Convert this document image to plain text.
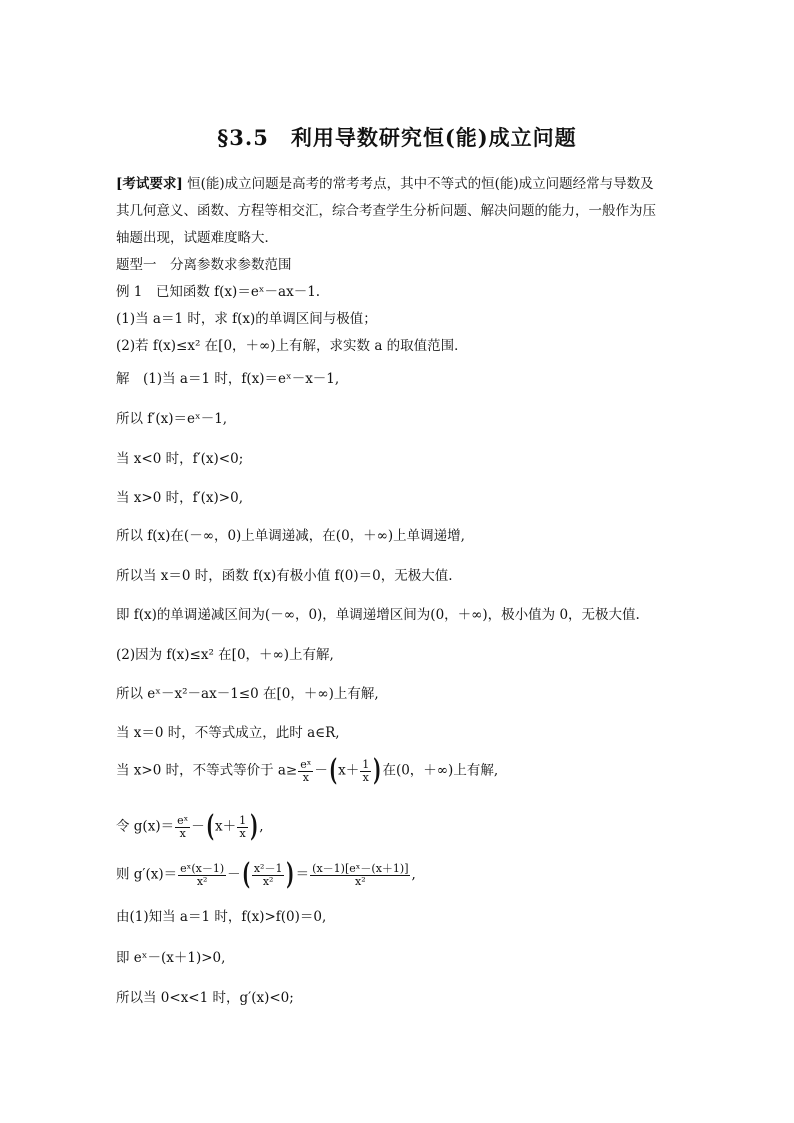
§3.5　利用导数研究恒(能)成立问题
[考试要求] 恒(能)成立问题是高考的常考考点，其中不等式的恒(能)成立问题经常与导数及
其几何意义、函数、方程等相交汇，综合考查学生分析问题、解决问题的能力，一般作为压
轴题出现，试题难度略大．
题型一　分离参数求参数范围
例 1　已知函数 f(x)＝eˣ－ax－1.
(1)当 a＝1 时，求 f(x)的单调区间与极值；
(2)若 f(x)≤x² 在[0，＋∞)上有解，求实数 a 的取值范围．
解　(1)当 a＝1 时，f(x)＝eˣ－x－1,
所以 f′(x)＝eˣ－1,
当 x<0 时，f′(x)<0;
当 x>0 时，f′(x)>0,
所以 f(x)在(－∞，0)上单调递减，在(0，＋∞)上单调递增,
所以当 x＝0 时，函数 f(x)有极小值 f(0)＝0，无极大值.
即 f(x)的单调递减区间为(－∞，0)，单调递增区间为(0，＋∞)，极小值为 0，无极大值.
(2)因为 f(x)≤x² 在[0，＋∞)上有解,
所以 eˣ－x²－ax－1≤0 在[0，＋∞)上有解,
当 x＝0 时，不等式成立，此时 a∈R,
当 x>0 时，不等式等价于 $a\ge \frac{\text{eˣ}}{x} -(x+ \frac{1}{x}$ )在(0，＋∞)上有解,
令 $g(x)= \frac{\text{eˣ}}{x} -(x+ \frac{1}{x}$ ),
则 $g'(x)= \frac{\text{eˣ(x－1)}}{\text{x²}}$ －( $\frac{\text{x²－1}}{\text{x²}}$ )＝ $\frac{\text{(x－1)[eˣ－(x＋1)]}}{\text{x²}}$ ,
由(1)知当 a＝1 时，f(x)>f(0)＝0,
即 eˣ－(x＋1)>0,
所以当 0<x<1 时，g′(x)<0;
